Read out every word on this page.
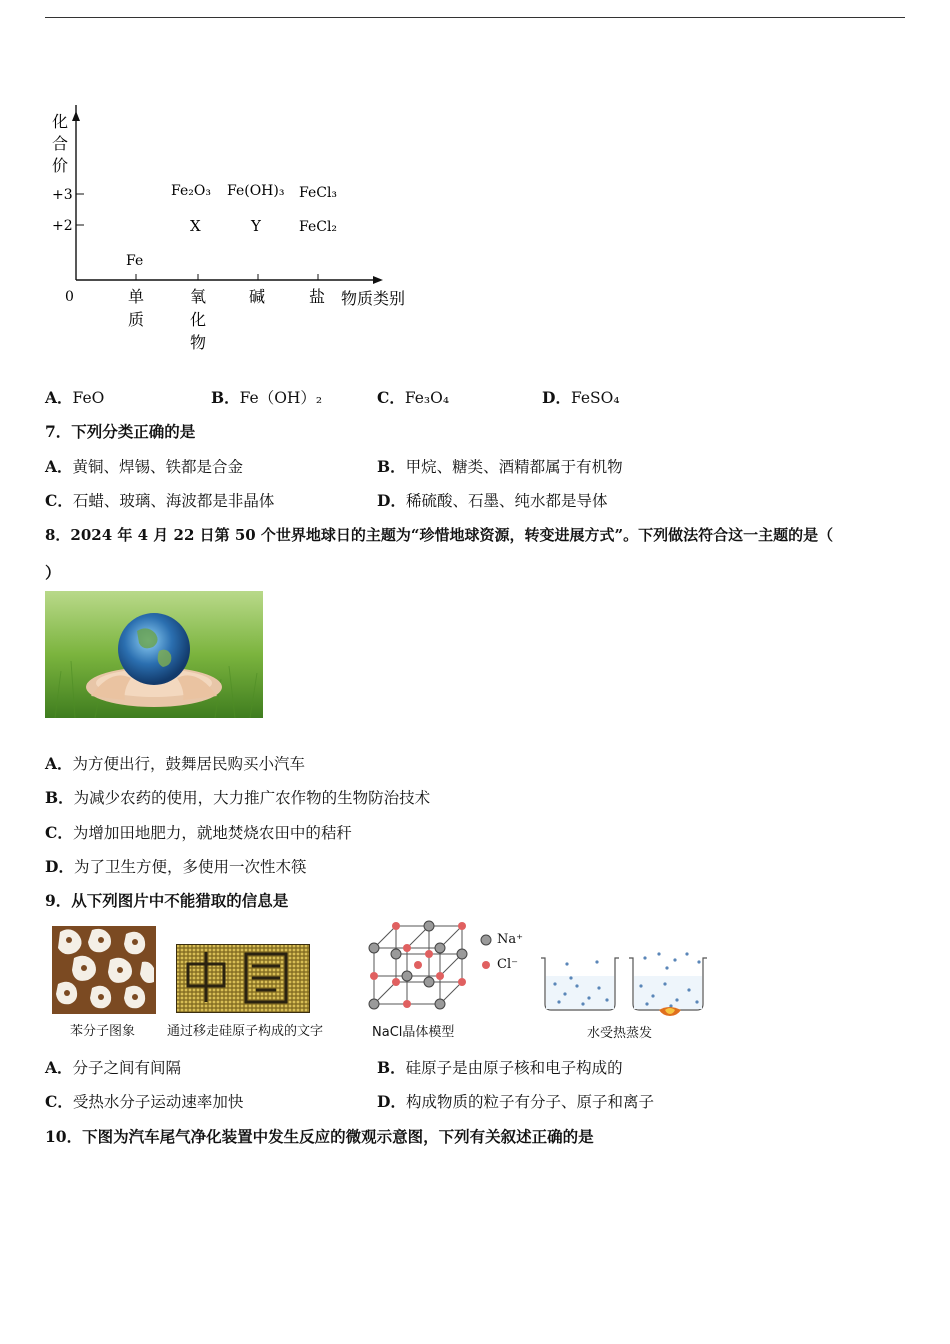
化
合
价
+3
+2
0
Fe
Fe₂O₃ Fe(OH)₃ FeCl₃
X	Y	FeCl₂
单
质
氧
化
物
碱	盐 物质类别
A．FeO	B．Fe（OH）₂	C．Fe₃O₄	D．FeSO₄
7．下列分类正确的是
A．黄铜、焊锡、铁都是合金	B．甲烷、糖类、酒精都属于有机物
C．石蜡、玻璃、海波都是非晶体	D．稀硫酸、石墨、纯水都是导体
8．2024 年 4 月 22 日第 50 个世界地球日的主题为“珍惜地球资源，转变进展方式”。下列做法符合这一主题的是（
）
A．为方便出行，鼓舞居民购买小汽车
B．为减少农药的使用，大力推广农作物的生物防治技术
C．为增加田地肥力，就地焚烧农田中的秸秆
D．为了卫生方便，多使用一次性木筷
9．从下列图片中不能猎取的信息是
苯分子图象 通过移走硅原子构成的文字
Na⁺
Cl⁻
NaCl晶体模型	水受热蒸发
A．分子之间有间隔	B．硅原子是由原子核和电子构成的
C．受热水分子运动速率加快	D．构成物质的粒子有分子、原子和离子
10．下图为汽车尾气净化装置中发生反应的微观示意图，下列有关叙述正确的是
